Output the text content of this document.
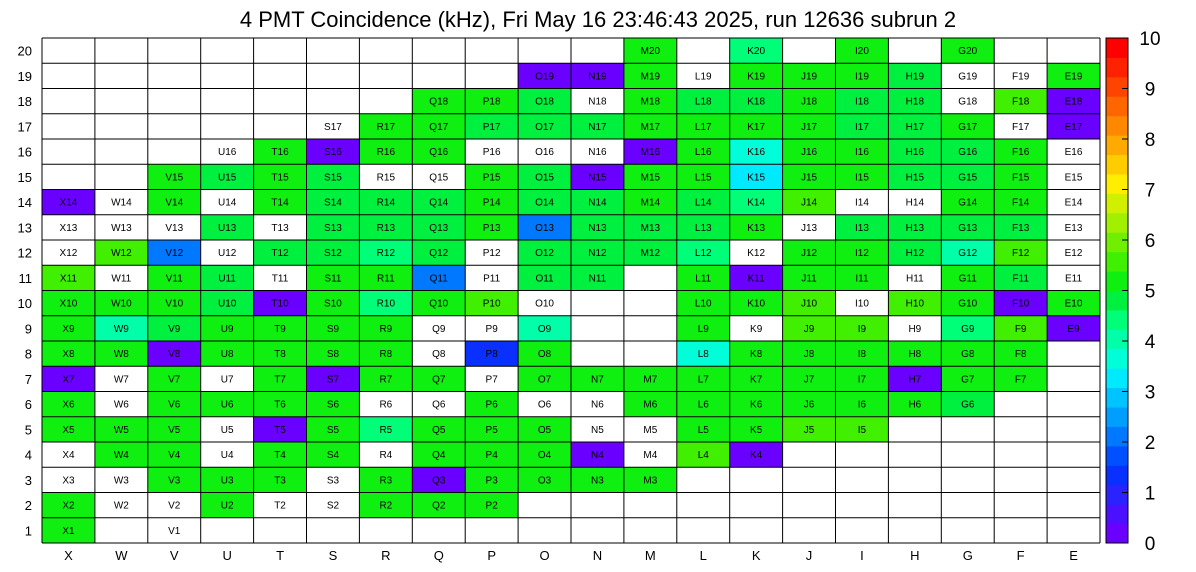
4 PMT Coincidence (kHz), Fri May 16 23:46:43 2025, run 12636 subrun 2
M20	K20	I20	G20
O19	N19	M19	L19	K19	J19	I19	H19	G19	F19	E19
Q18	P18	O18	N18	M18	L18	K18	J18	I18	H18	G18	F18	E18
S17	R17	Q17	P17	O17	N17	M17	L17	K17	J17	I17	H17	G17	F17	E17
U16	T16	S16	R16	Q16	P16	O16	N16	M16	L16	K16	J16	I16	H16	G16	F16	E16
V15	U15	T15	S15	R15	Q15	P15	O15	N15	M15	L15	K15	J15	I15	H15	G15	F15	E15
X14	W14	V14	U14	T14	S14	R14	Q14	P14	O14	N14	M14	L14	K14	J14	I14	H14	G14	F14	E14
X13	W13	V13	U13	T13	S13	R13	Q13	P13	O13	N13	M13	L13	K13	J13	I13	H13	G13	F13	E13
X12	W12	V12	U12	T12	S12	R12	Q12	P12	O12	N12	M12	L12	K12	J12	I12	H12	G12	F12	E12
X11	W11	V11	U11	T11	S11	R11	Q11	P11	O11	N11	L11	K11	J11	I11	H11	G11	F11	E11
X10	W10	V10	U10	T10	S10	R10	Q10	P10	O10	L10	K10	J10	I10	H10	G10	F10	E10
X9	W9	V9	U9	T9	S9	R9	Q9	P9	O9	L9	K9	J9	I9	H9	G9	F9	E9
X8	W8	V8	U8	T8	S8	R8	Q8	P8	O8	L8	K8	J8	I8	H8	G8	F8
X7	W7	V7	U7	T7	S7	R7	Q7	P7	O7	N7	M7	L7	K7	J7	I7	H7	G7	F7
X6	W6	V6	U6	T6	S6	R6	Q6	P6	O6	N6	M6	L6	K6	J6	I6	H6	G6
X5	W5	V5	U5	T5	S5	R5	Q5	P5	O5	N5	M5	L5	K5	J5	I5
X4	W4	V4	U4	T4	S4	R4	Q4	P4	O4	N4	M4	L4	K4
X3	W3	V3	U3	T3	S3	R3	Q3	P3	O3	N3	M3
X2	W2	V2	U2	T2	S2	R2	Q2	P2
X1	V1
X	W	V	U	T	S	R	Q	P	O	N	M	L	K	J	I	H	G	F	E
20
19
18
17
16
15
14
13
12
11
10
9
8
7
6
5
4
3
2
1
0
1
2
3
4
5
6
7
8
9
10
